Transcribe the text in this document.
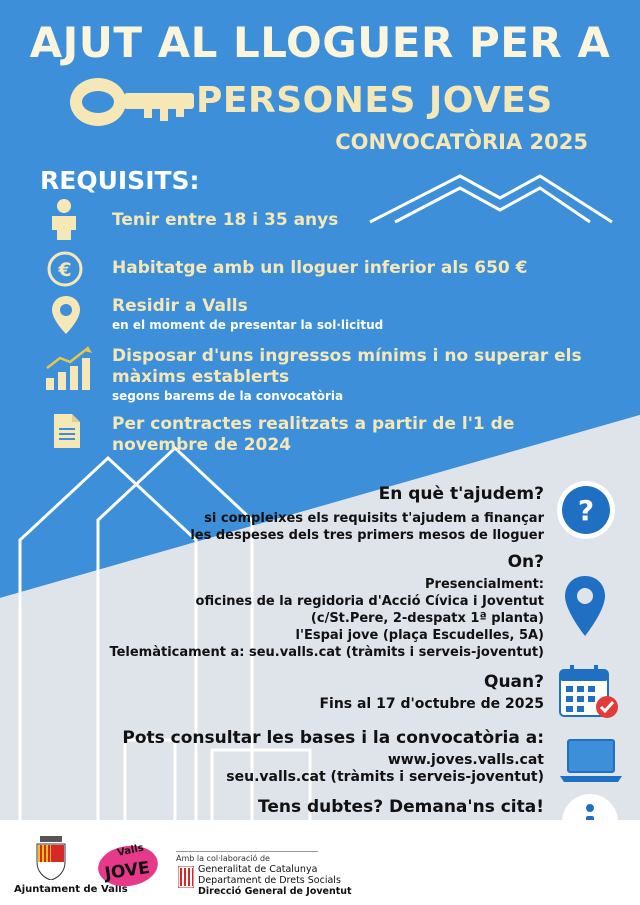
AJUT AL LLOGUER PER A
PERSONES JOVES
CONVOCATÒRIA 2025
REQUISITS:
Tenir entre 18 i 35 anys
€ Habitatge amb un lloguer inferior als 650 €
Residir a Valls
en el moment de presentar la sol·licitud
Disposar d'uns ingressos mínims i no superar els màxims establerts
segons barems de la convocatòria
Per contractes realitzats a partir de l'1 de novembre de 2024
En què t'ajudem?
si compleixes els requisits t'ajudem a finançar
les despeses dels tres primers mesos de lloguer
?
On?
Presencialment:
oficines de la regidoria d'Acció Cívica i Joventut
(c/St.Pere, 2-despatx 1ª planta)
l'Espai jove (plaça Escudelles, 5A)
Telemàticament a: seu.valls.cat (tràmits i serveis-joventut)
Quan?
Fins al 17 d'octubre de 2025
Pots consultar les bases i la convocatòria a:
www.joves.valls.cat
seu.valls.cat (tràmits i serveis-joventut)
Tens dubtes? Demana'ns cita!
Ajuntament de Valls
Valls
JOVE	Amb la col·laboració de
Generalitat de Catalunya
Departament de Drets Socials
Direcció General de Joventut
